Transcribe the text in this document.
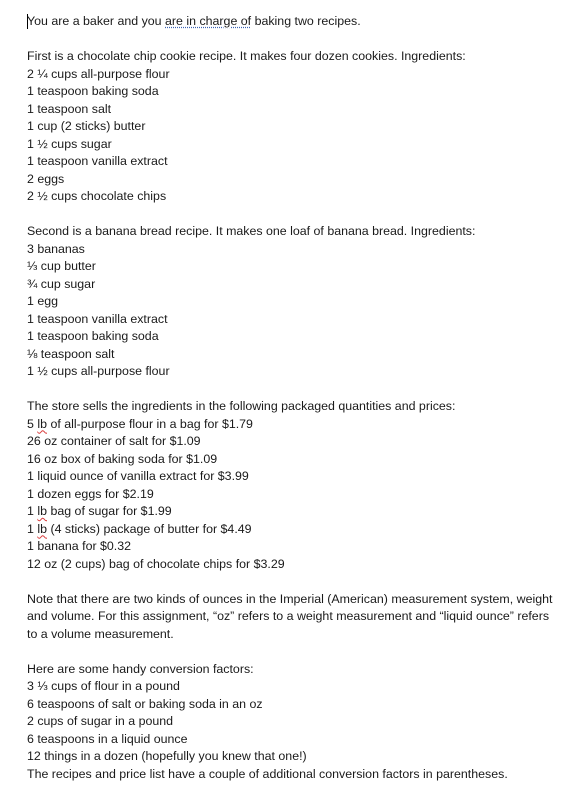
You are a baker and you are in charge of baking two recipes.
First is a chocolate chip cookie recipe. It makes four dozen cookies. Ingredients:
2 ¼ cups all-purpose flour
1 teaspoon baking soda
1 teaspoon salt
1 cup (2 sticks) butter
1 ½ cups sugar
1 teaspoon vanilla extract
2 eggs
2 ½ cups chocolate chips
Second is a banana bread recipe. It makes one loaf of banana bread. Ingredients:
3 bananas
⅓ cup butter
¾ cup sugar
1 egg
1 teaspoon vanilla extract
1 teaspoon baking soda
⅛ teaspoon salt
1 ½ cups all-purpose flour
The store sells the ingredients in the following packaged quantities and prices:
5 lb of all-purpose flour in a bag for $1.79
26 oz container of salt for $1.09
16 oz box of baking soda for $1.09
1 liquid ounce of vanilla extract for $3.99
1 dozen eggs for $2.19
1 lb bag of sugar for $1.99
1 lb (4 sticks) package of butter for $4.49
1 banana for $0.32
12 oz (2 cups) bag of chocolate chips for $3.29
Note that there are two kinds of ounces in the Imperial (American) measurement system, weight and volume. For this assignment, “oz” refers to a weight measurement and “liquid ounce” refers to a volume measurement.
Here are some handy conversion factors:
3 ⅓ cups of flour in a pound
6 teaspoons of salt or baking soda in an oz
2 cups of sugar in a pound
6 teaspoons in a liquid ounce
12 things in a dozen (hopefully you knew that one!)
The recipes and price list have a couple of additional conversion factors in parentheses.
